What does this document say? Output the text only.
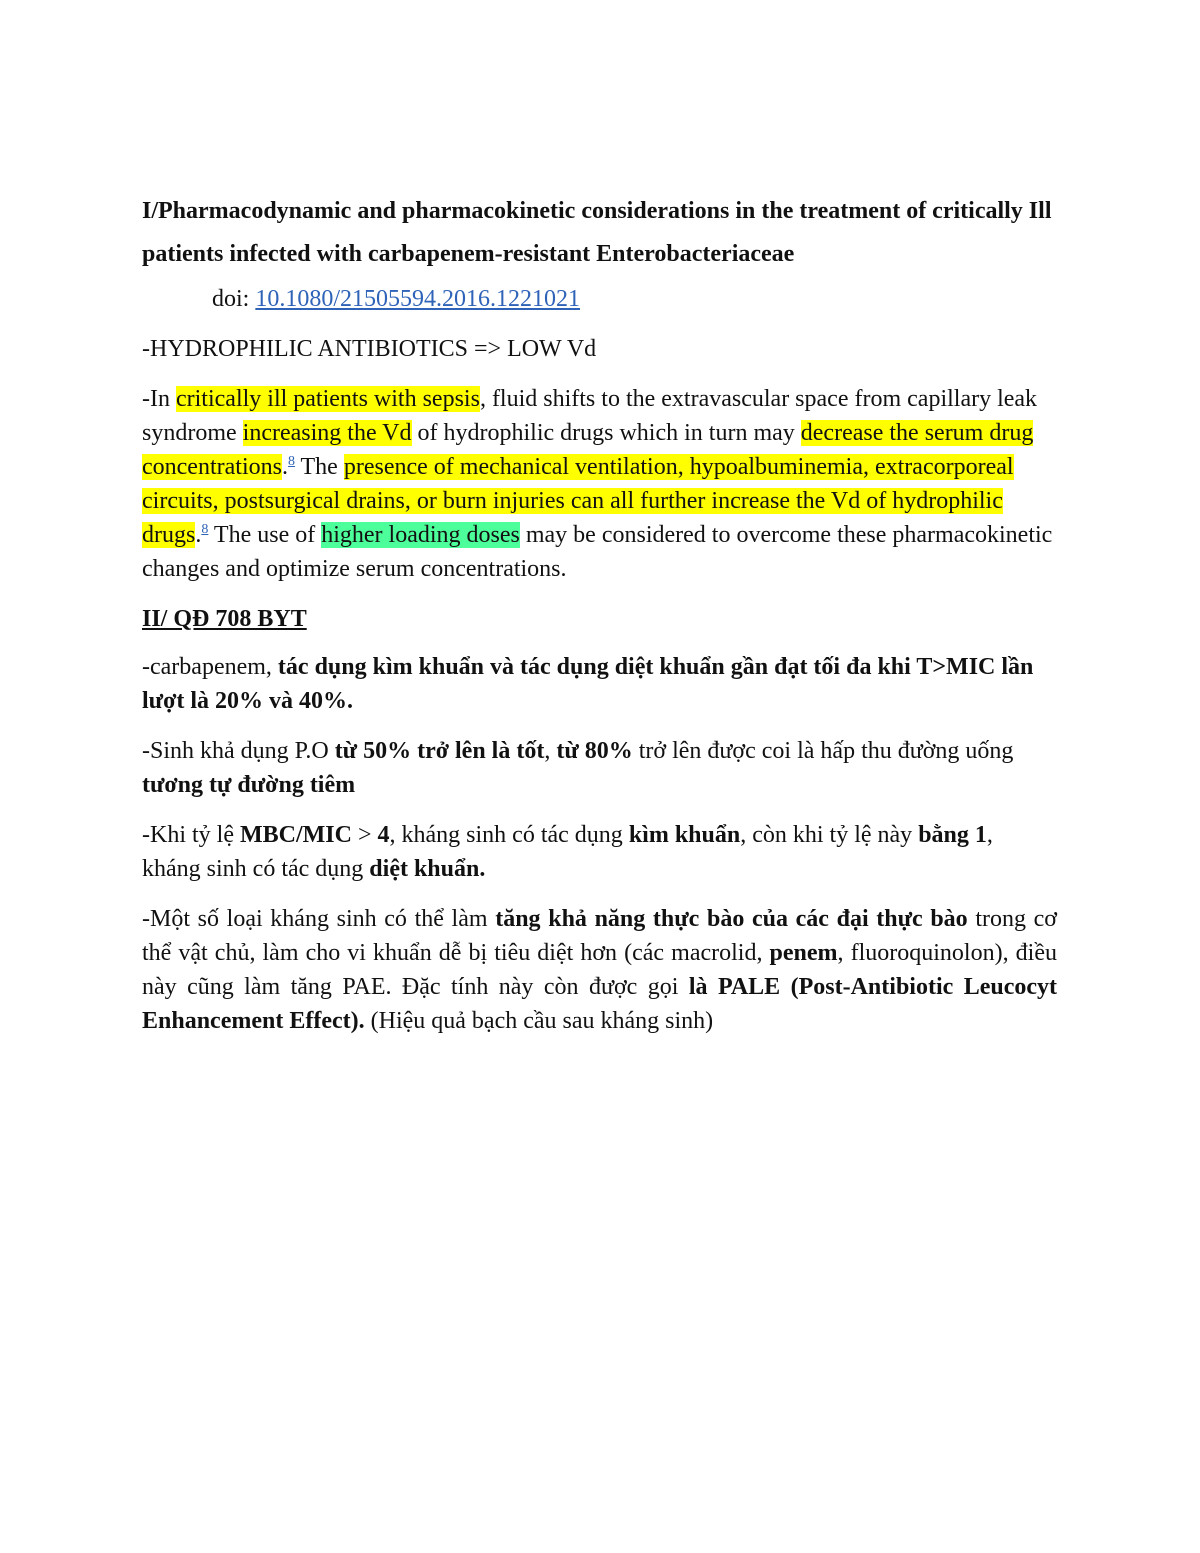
I/Pharmacodynamic and pharmacokinetic considerations in the treatment of critically Ill patients infected with carbapenem-resistant Enterobacteriaceae
doi: 10.1080/21505594.2016.1221021
-HYDROPHILIC ANTIBIOTICS => LOW Vd
-In critically ill patients with sepsis, fluid shifts to the extravascular space from capillary leak syndrome increasing the Vd of hydrophilic drugs which in turn may decrease the serum drug concentrations.$^8$ The presence of mechanical ventilation, hypoalbuminemia, extracorporeal circuits, postsurgical drains, or burn injuries can all further increase the Vd of hydrophilic drugs.$^8$ The use of higher loading doses may be considered to overcome these pharmacokinetic changes and optimize serum concentrations.
II/ QĐ 708 BYT
-carbapenem, tác dụng kìm khuẩn và tác dụng diệt khuẩn gần đạt tối đa khi T>MIC lần lượt là 20% và 40%.
-Sinh khả dụng P.O từ 50% trở lên là tốt, từ 80% trở lên được coi là hấp thu đường uống tương tự đường tiêm
-Khi tỷ lệ MBC/MIC > 4, kháng sinh có tác dụng kìm khuẩn, còn khi tỷ lệ này bằng 1, kháng sinh có tác dụng diệt khuẩn.
-Một số loại kháng sinh có thể làm tăng khả năng thực bào của các đại thực bào trong cơ thể vật chủ, làm cho vi khuẩn dễ bị tiêu diệt hơn (các macrolid, penem, fluoroquinolon), điều này cũng làm tăng PAE. Đặc tính này còn được gọi là PALE (Post-Antibiotic Leucocyt Enhancement Effect). (Hiệu quả bạch cầu sau kháng sinh)
